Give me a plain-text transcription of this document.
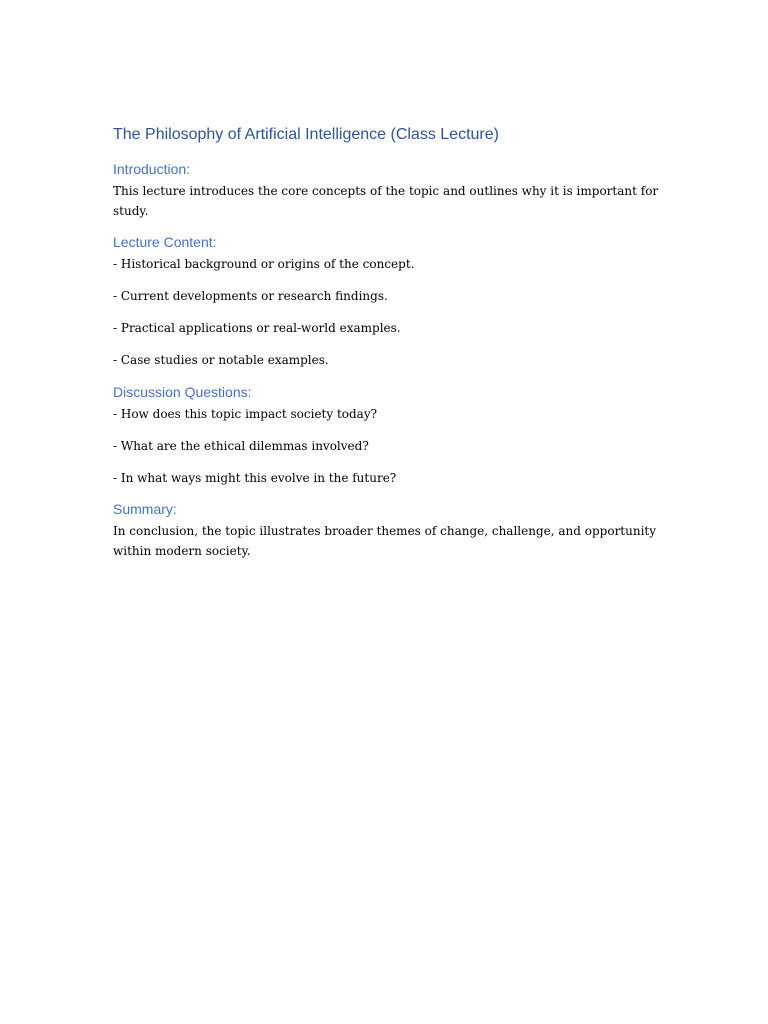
The Philosophy of Artificial Intelligence (Class Lecture)
Introduction:

This lecture introduces the core concepts of the topic and outlines why it is important for study.

Lecture Content:

- Historical background or origins of the concept.

- Current developments or research findings.

- Practical applications or real-world examples.

- Case studies or notable examples.

Discussion Questions:

- How does this topic impact society today?

- What are the ethical dilemmas involved?

- In what ways might this evolve in the future?

Summary:

In conclusion, the topic illustrates broader themes of change, challenge, and opportunity within modern society.
